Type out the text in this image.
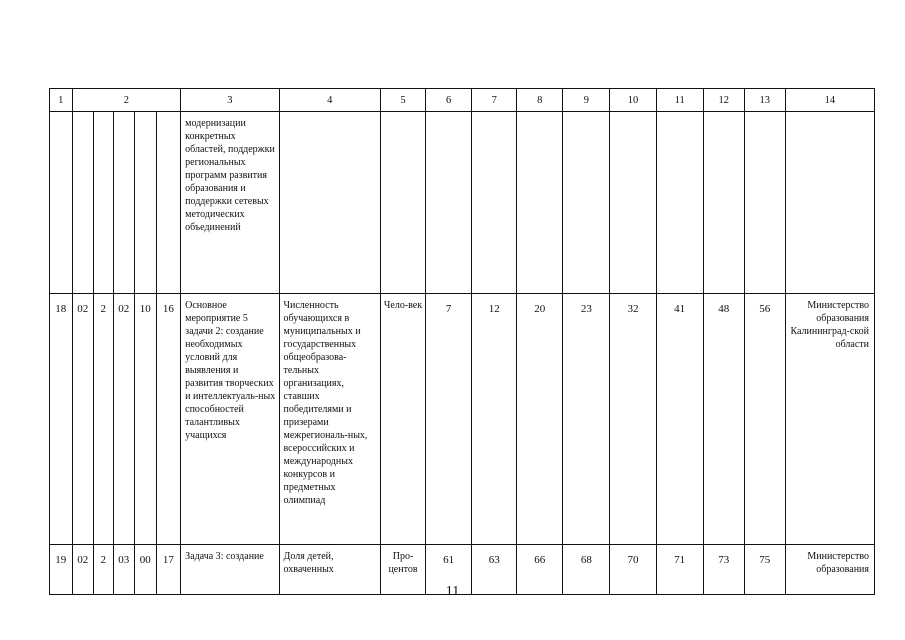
1	2					3	4	5	6	7	8	9	10	11	12	13	14
						модернизации конкретных областей, поддержки региональных программ развития образования и поддержки сетевых методических объединений											
18	02	2	02	10	16	Основное мероприятие 5 задачи 2: создание необходимых условий для выявления и развития творческих и интеллектуаль-ных способностей талантливых учащихся	Численность обучающихся в муниципальных и государственных общеобразова-тельных организациях, ставших победителями и призерами межрегиональ-ных, всероссийских и международных конкурсов и предметных олимпиад	Чело-век	7	12	20	23	32	41	48	56	Министерство образования Калининград-ской области
19	02	2	03	00	17	Задача 3: создание	Доля детей, охваченных	Про-центов	61	63	66	68	70	71	73	75	Министерство образования
11
